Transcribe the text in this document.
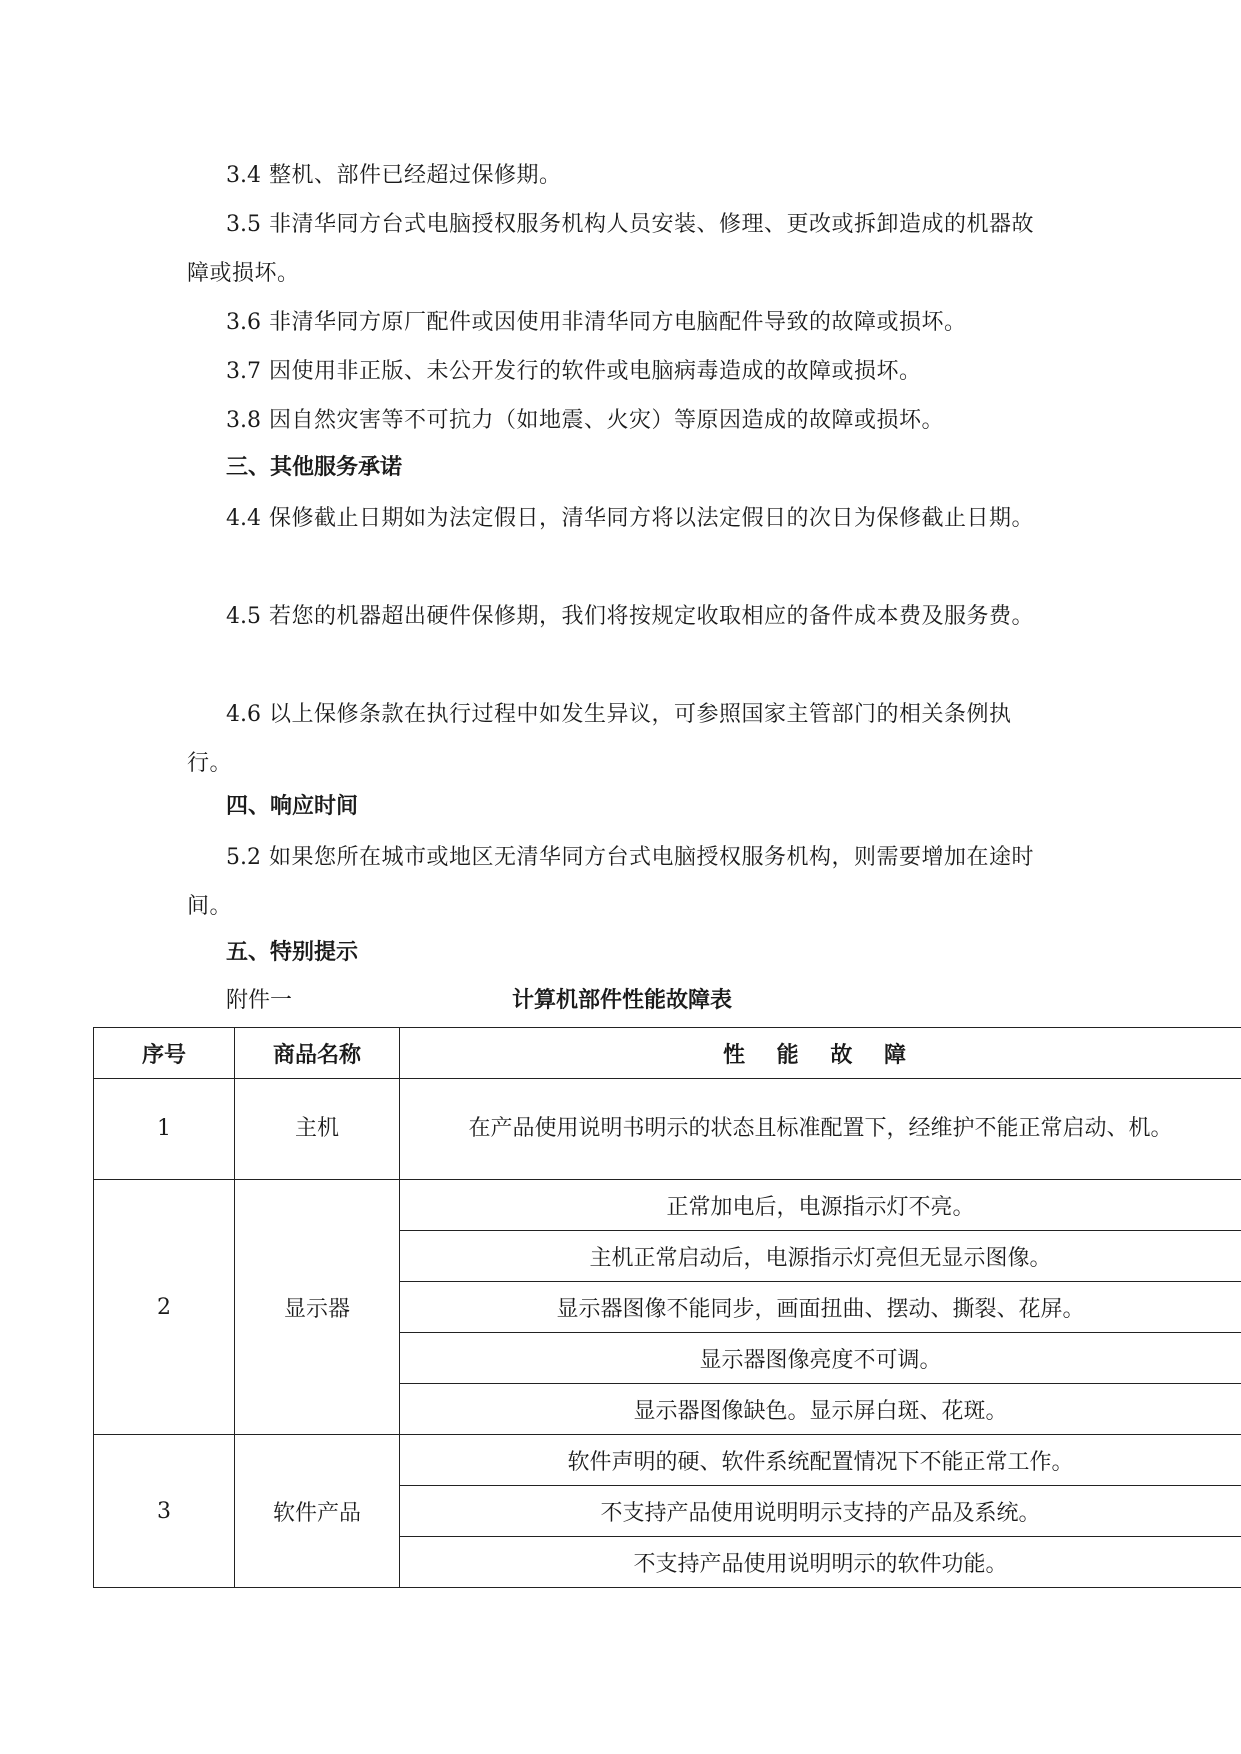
3.4 整机、部件已经超过保修期。

3.5 非清华同方台式电脑授权服务机构人员安装、修理、更改或拆卸造成的机器故障或损坏。

3.6 非清华同方原厂配件或因使用非清华同方电脑配件导致的故障或损坏。

3.7 因使用非正版、未公开发行的软件或电脑病毒造成的故障或损坏。

3.8 因自然灾害等不可抗力（如地震、火灾）等原因造成的故障或损坏。

三、其他服务承诺

4.4 保修截止日期如为法定假日，清华同方将以法定假日的次日为保修截止日期。

4.5 若您的机器超出硬件保修期，我们将按规定收取相应的备件成本费及服务费。

4.6 以上保修条款在执行过程中如发生异议，可参照国家主管部门的相关条例执行。

四、响应时间

5.2 如果您所在城市或地区无清华同方台式电脑授权服务机构，则需要增加在途时间。

五、特别提示
附件一	计算机部件性能故障表
序号	商品名称	性 能 故 障
1	主机	在产品使用说明书明示的状态且标准配置下，经维护不能正常启动、机。
2	显示器	正常加电后，电源指示灯不亮。
		主机正常启动后，电源指示灯亮但无显示图像。
		显示器图像不能同步，画面扭曲、摆动、撕裂、花屏。
		显示器图像亮度不可调。
		显示器图像缺色。显示屏白斑、花斑。
3	软件产品	软件声明的硬、软件系统配置情况下不能正常工作。
		不支持产品使用说明明示支持的产品及系统。
		不支持产品使用说明明示的软件功能。
